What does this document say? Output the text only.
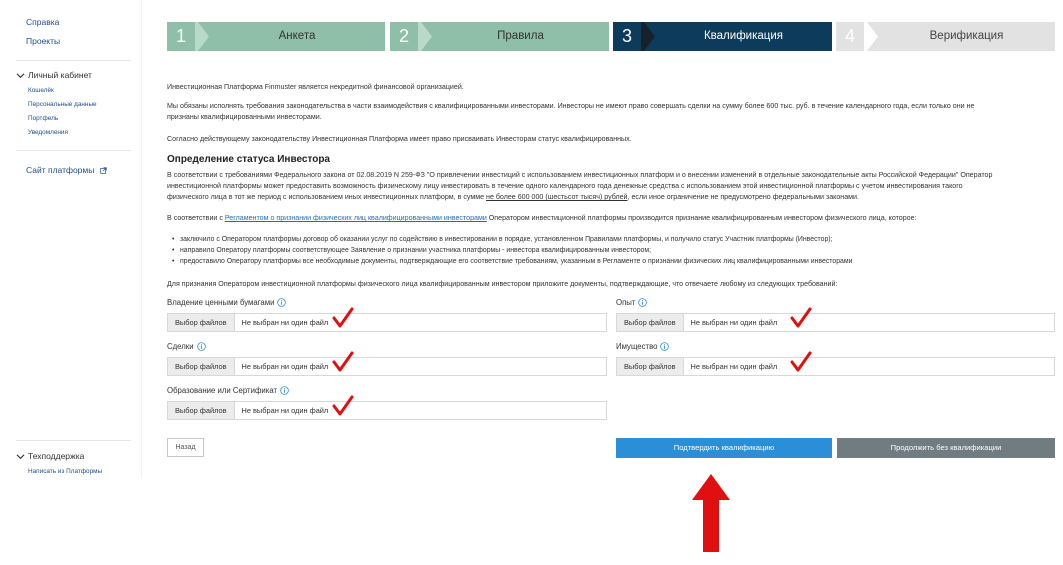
Справка
Проекты
Личный кабинет
Кошелёк
Персональные данные
Портфель
Уведомления
Сайт платформы
Техподдержка
Написать из Платформы
1	Анкета	2	Правила	3	Квалификация	4	Верификация
Инвестиционная Платформа Finmuster является некредитной финансовой организацией.
Мы обязаны исполнять требования законодательства в части взаимодействия с квалифицированными инвесторами. Инвесторы не имеют право совершать сделки на сумму более 600 тыс. руб. в течение календарного года, если только они не
признаны квалифицированными инвесторами.
Согласно действующему законодательству Инвестиционная Платформа имеет право присваивать Инвесторам статус квалифицированных.
Определение статуса Инвестора
В соответствии с требованиями Федерального закона от 02.08.2019 N 259-ФЗ "О привлечении инвестиций с использованием инвестиционных платформ и о внесении изменений в отдельные законодательные акты Российской Федерации" Оператор
инвестиционной платформы может предоставить возможность физическому лицу инвестировать в течение одного календарного года денежные средства с использованием этой инвестиционной платформы с учетом инвестирования такого
физического лица в тот же период с использованием иных инвестиционных платформ, в сумме не более 600 000 (шестьсот тысяч) рублей, если иное ограничение не предусмотрено федеральными законами.
В соответствии с Регламентом о признании физических лиц квалифицированными инвесторами Оператором инвестиционной платформы производится признание квалифицированным инвестором физического лица, которое:
• заключило с Оператором платформы договор об оказании услуг по содействию в инвестировании в порядке, установленном Правилами платформы, и получило статус Участник платформы (Инвестор);
• направило Оператору платформы соответствующее Заявление о признании участника платформы - инвестора квалифицированным инвестором;
• предоставило Оператору платформы все необходимые документы, подтверждающие его соответствие требованиям, указанным в Регламенте о признании физических лиц квалифицированными инвесторами
Для признания Оператором инвестиционной платформы физического лица квалифицированным инвестором приложите документы, подтверждающие, что отвечаете любому из следующих требований:
Владение ценными бумагами
Выбор файлов	Не выбран ни один файл
Опыт
Выбор файлов	Не выбран ни один файл
Сделки
Выбор файлов	Не выбран ни один файл
Имущество
Выбор файлов	Не выбран ни один файл
Образование или Сертификат
Выбор файлов	Не выбран ни один файл
Назад	Подтвердить квалификацию	Продолжить без квалификации
